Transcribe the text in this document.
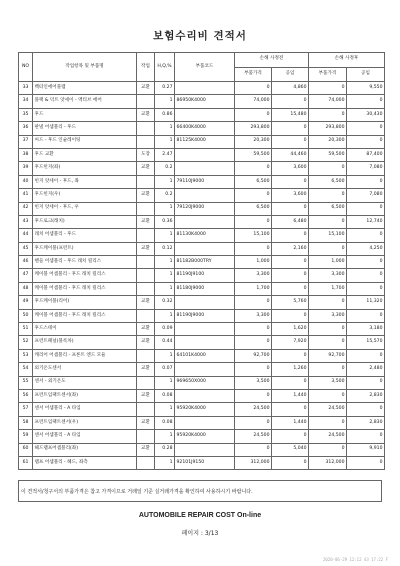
보험수리비 견적서
NO	작업항목 및 부품명	작업	H,Q,%	부품코드	손해 사정전		손해 사정후	
					부품가격	공임	부품가격	공임
33	백터인에어플랩	교환	0.27		0	4,860	0	9,550
34	플랙 & 덕트 앗세이 - 액티브 에어		1	86950K4000	74,000	0	74,000	0
35	후드	교환	0.86		0	15,480	0	30,430
36	판넬 어셈블리 - 후드		1	66400K4000	293,800	0	293,800	0
37	씨드 - 후드 인슐레이팅		1	81125K4000	20,300	0	20,300	0
38	후드 교환	도장	2.47		59,500	44,460	59,500	87,400
39	후드힌지(좌)	교환	0.2		0	3,600	0	7,080
40	힌지 앗세이 - 후드, 좌		1	79110J9000	6,500	0	6,500	0
41	후드힌지(우)	교환	0.2		0	3,600	0	7,080
42	힌지 앗세이 - 후드, 우		1	79120J9000	6,500	0	6,500	0
43	후드로크(래치)	교환	0.36		0	6,480	0	12,740
44	래치 어셈블리 - 후드		1	81130K4000	15,100	0	15,100	0
45	후드케이블(프런트)	교환	0.12		0	2,160	0	4,250
46	핸들 어셈블리 - 후드 래치 릴리스		1	81182B000TRY	1,000	0	1,000	0
47	케이블 어셈블리 - 후드 래치 릴리스		1	81190J9100	3,300	0	3,300	0
48	케이블 어셈블리 - 후드 래치 릴리스		1	81180J9000	1,700	0	1,700	0
49	후드케이블(리어)	교환	0.32		0	5,760	0	11,320
50	케이블 어셈블리 - 후드 래치 릴리스		1	81190J9000	3,300	0	3,300	0
51	후드스테이	교환	0.09		0	1,620	0	3,180
52	프런트패널(블록차)	교환	0.44		0	7,920	0	15,570
53	캐리어 어셈블리 - 프론트 엔드 모듈		1	64101K4000	92,700	0	92,700	0
54	외기온도센서	교환	0.07		0	1,260	0	2,480
55	센서 - 외기온도		1	969650X000	3,500	0	3,500	0
56	프런트임팩트센서(좌)	교환	0.08		0	1,440	0	2,830
57	센서 어셈블리 - A 타입		1	95920K4000	24,500	0	24,500	0
58	프런트임팩트센서(우)	교환	0.08		0	1,440	0	2,830
59	센서 어셈블리 - A 타입		1	95920K4000	24,500	0	24,500	0
60	헤드램프어셈블리(좌)	교환	0.28		0	5,040	0	9,910
61	램프 어셈블리 - 헤드, 좌측		1	92101J9150	312,000	0	312,000	0
이 견적서/청구서의 부품가격은 참고 가격이므로 거래일 기준 실거래가격을 확인하여 사용하시기 바랍니다.
AUTOMOBILE REPAIR COST On-line
페이지 : 3/13
2020-06-29 12:12 43 17:22 F
